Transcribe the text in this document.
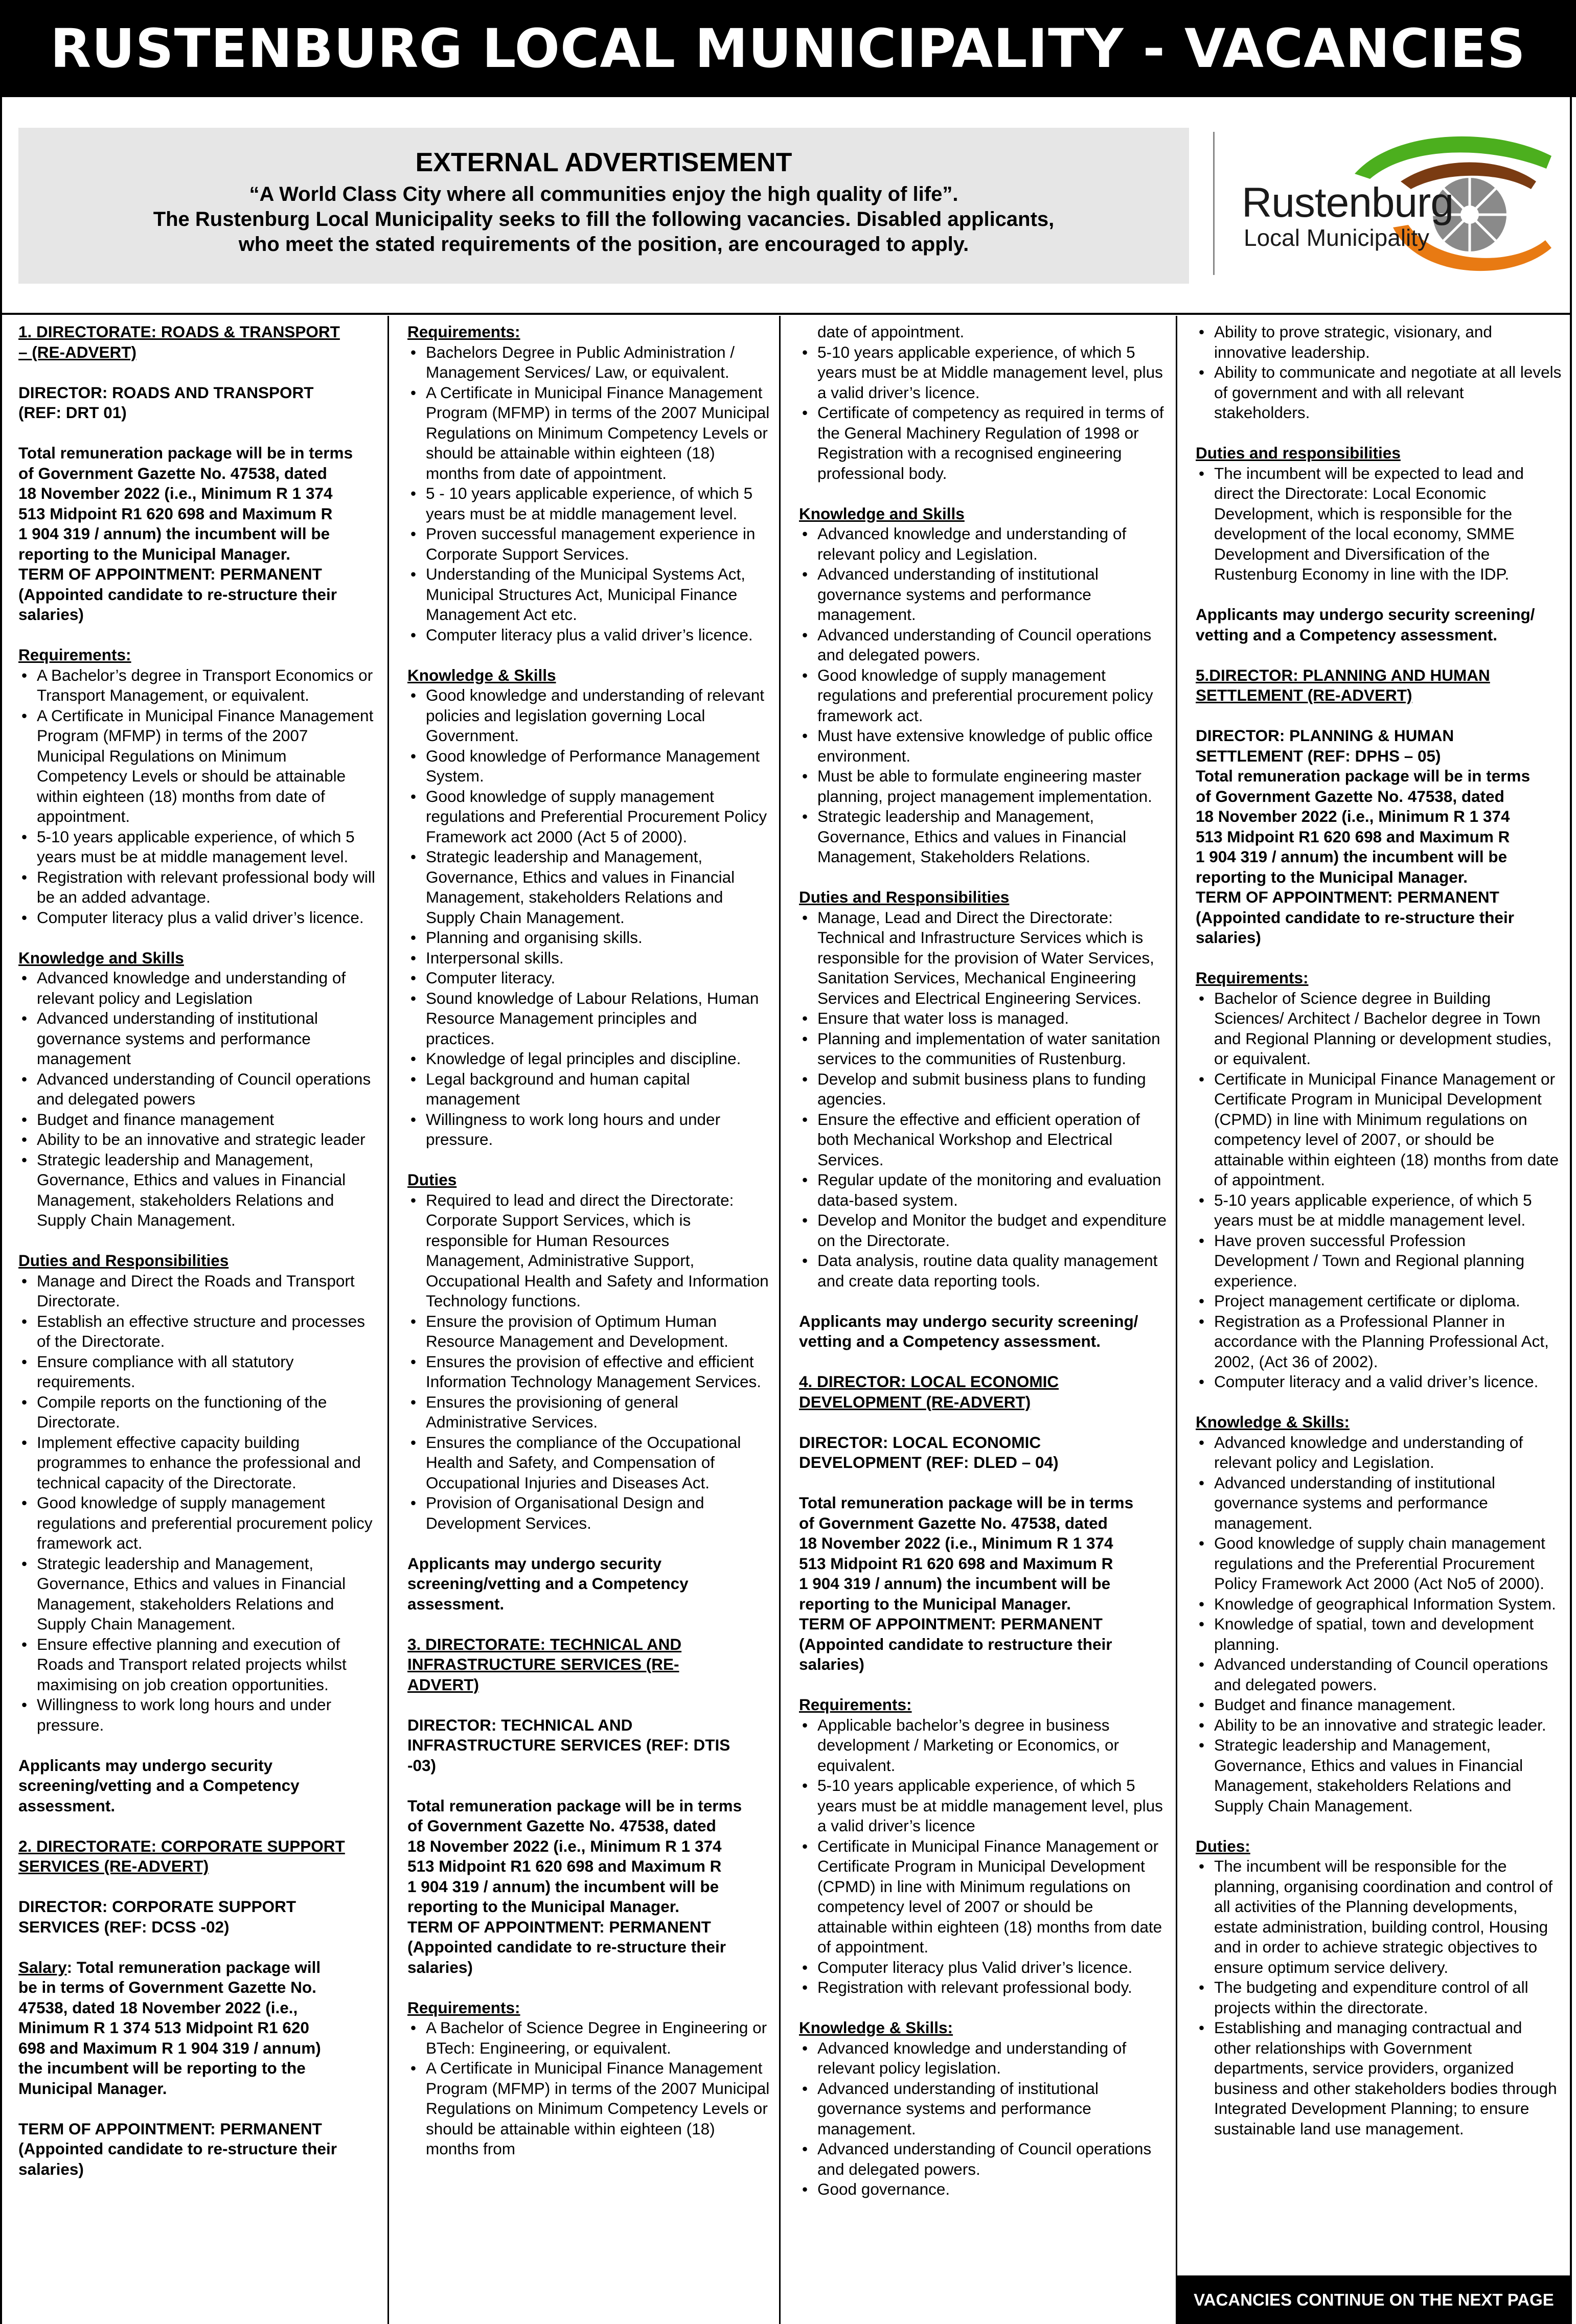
RUSTENBURG LOCAL MUNICIPALITY - VACANCIES
EXTERNAL ADVERTISEMENT
“A World Class City where all communities enjoy the high quality of life”.
The Rustenburg Local Municipality seeks to fill the following vacancies. Disabled applicants,
who meet the stated requirements of the position, are encouraged to apply.
Rustenburg
Local Municipality

1. DIRECTORATE: ROADS & TRANSPORT

– (RE-ADVERT)

DIRECTOR: ROADS AND TRANSPORT

(REF: DRT 01)

Total remuneration package will be in terms

of Government Gazette No. 47538, dated

18 November 2022 (i.e., Minimum R 1 374

513 Midpoint R1 620 698 and Maximum R

1 904 319 / annum) the incumbent will be

reporting to the Municipal Manager.

TERM OF APPOINTMENT: PERMANENT

(Appointed candidate to re-structure their

salaries)

Requirements:

• A Bachelor’s degree in Transport Economics or Transport Management, or equivalent.
• A Certificate in Municipal Finance Management Program (MFMP) in terms of the 2007 Municipal Regulations on Minimum Competency Levels or should be attainable within eighteen (18) months from date of appointment.
• 5-10 years applicable experience, of which 5 years must be at middle management level.
• Registration with relevant professional body will be an added advantage.
• Computer literacy plus a valid driver’s licence.

Knowledge and Skills

• Advanced knowledge and understanding of relevant policy and Legislation
• Advanced understanding of institutional governance systems and performance management
• Advanced understanding of Council operations and delegated powers
• Budget and finance management
• Ability to be an innovative and strategic leader
• Strategic leadership and Management, Governance, Ethics and values in Financial Management, stakeholders Relations and Supply Chain Management.

Duties and Responsibilities

• Manage and Direct the Roads and Transport Directorate.
• Establish an effective structure and processes of the Directorate.
• Ensure compliance with all statutory requirements.
• Compile reports on the functioning of the Directorate.
• Implement effective capacity building programmes to enhance the professional and technical capacity of the Directorate.
• Good knowledge of supply management regulations and preferential procurement policy framework act.
• Strategic leadership and Management, Governance, Ethics and values in Financial Management, stakeholders Relations and Supply Chain Management.
• Ensure effective planning and execution of Roads and Transport related projects whilst maximising on job creation opportunities.
• Willingness to work long hours and under pressure.

Applicants may undergo security

screening/vetting and a Competency

assessment.

2. DIRECTORATE: CORPORATE SUPPORT

SERVICES (RE-ADVERT)

DIRECTOR: CORPORATE SUPPORT

SERVICES (REF: DCSS -02)

Salary: Total remuneration package will

be in terms of Government Gazette No.

47538, dated 18 November 2022 (i.e.,

Minimum R 1 374 513 Midpoint R1 620

698 and Maximum R 1 904 319 / annum)

the incumbent will be reporting to the

Municipal Manager.

TERM OF APPOINTMENT: PERMANENT

(Appointed candidate to re-structure their

salaries)

Requirements:

• Bachelors Degree in Public Administration / Management Services/ Law, or equivalent.
• A Certificate in Municipal Finance Management Program (MFMP) in terms of the 2007 Municipal Regulations on Minimum Competency Levels or should be attainable within eighteen (18) months from date of appointment.
• 5 - 10 years applicable experience, of which 5 years must be at middle management level.
• Proven successful management experience in Corporate Support Services.
• Understanding of the Municipal Systems Act, Municipal Structures Act, Municipal Finance Management Act etc.
• Computer literacy plus a valid driver’s licence.

Knowledge & Skills

• Good knowledge and understanding of relevant policies and legislation governing Local Government.
• Good knowledge of Performance Management System.
• Good knowledge of supply management regulations and Preferential Procurement Policy Framework act 2000 (Act 5 of 2000).
• Strategic leadership and Management, Governance, Ethics and values in Financial Management, stakeholders Relations and Supply Chain Management.
• Planning and organising skills.
• Interpersonal skills.
• Computer literacy.
• Sound knowledge of Labour Relations, Human Resource Management principles and practices.
• Knowledge of legal principles and discipline.
• Legal background and human capital management
• Willingness to work long hours and under pressure.

Duties

• Required to lead and direct the Directorate: Corporate Support Services, which is responsible for Human Resources Management, Administrative Support, Occupational Health and Safety and Information Technology functions.
• Ensure the provision of Optimum Human Resource Management and Development.
• Ensures the provision of effective and efficient Information Technology Management Services.
• Ensures the provisioning of general Administrative Services.
• Ensures the compliance of the Occupational Health and Safety, and Compensation of Occupational Injuries and Diseases Act.
• Provision of Organisational Design and Development Services.

Applicants may undergo security

screening/vetting and a Competency

assessment.

3. DIRECTORATE: TECHNICAL AND

INFRASTRUCTURE SERVICES (RE-

ADVERT)

DIRECTOR: TECHNICAL AND

INFRASTRUCTURE SERVICES (REF: DTIS

-03)

Total remuneration package will be in terms

of Government Gazette No. 47538, dated

18 November 2022 (i.e., Minimum R 1 374

513 Midpoint R1 620 698 and Maximum R

1 904 319 / annum) the incumbent will be

reporting to the Municipal Manager.

TERM OF APPOINTMENT: PERMANENT

(Appointed candidate to re-structure their

salaries)

Requirements:

• A Bachelor of Science Degree in Engineering or BTech: Engineering, or equivalent.
• A Certificate in Municipal Finance Management Program (MFMP) in terms of the 2007 Municipal Regulations on Minimum Competency Levels or should be attainable within eighteen (18) months from

date of appointment.

• 5-10 years applicable experience, of which 5 years must be at Middle management level, plus a valid driver’s licence.
• Certificate of competency as required in terms of the General Machinery Regulation of 1998 or Registration with a recognised engineering professional body.

Knowledge and Skills

• Advanced knowledge and understanding of relevant policy and Legislation.
• Advanced understanding of institutional governance systems and performance management.
• Advanced understanding of Council operations and delegated powers.
• Good knowledge of supply management regulations and preferential procurement policy framework act.
• Must have extensive knowledge of public office environment.
• Must be able to formulate engineering master planning, project management implementation.
• Strategic leadership and Management, Governance, Ethics and values in Financial Management, Stakeholders Relations.

Duties and Responsibilities

• Manage, Lead and Direct the Directorate: Technical and Infrastructure Services which is responsible for the provision of Water Services, Sanitation Services, Mechanical Engineering Services and Electrical Engineering Services.
• Ensure that water loss is managed.
• Planning and implementation of water sanitation services to the communities of Rustenburg.
• Develop and submit business plans to funding agencies.
• Ensure the effective and efficient operation of both Mechanical Workshop and Electrical Services.
• Regular update of the monitoring and evaluation data-based system.
• Develop and Monitor the budget and expenditure on the Directorate.
• Data analysis, routine data quality management and create data reporting tools.

Applicants may undergo security screening/

vetting and a Competency assessment.

4. DIRECTOR: LOCAL ECONOMIC

DEVELOPMENT (RE-ADVERT)

DIRECTOR: LOCAL ECONOMIC

DEVELOPMENT (REF: DLED – 04)

Total remuneration package will be in terms

of Government Gazette No. 47538, dated

18 November 2022 (i.e., Minimum R 1 374

513 Midpoint R1 620 698 and Maximum R

1 904 319 / annum) the incumbent will be

reporting to the Municipal Manager.

TERM OF APPOINTMENT: PERMANENT

(Appointed candidate to restructure their

salaries)

Requirements:

• Applicable bachelor’s degree in business development / Marketing or Economics, or equivalent.
• 5-10 years applicable experience, of which 5 years must be at middle management level, plus a valid driver’s licence
• Certificate in Municipal Finance Management or Certificate Program in Municipal Development (CPMD) in line with Minimum regulations on competency level of 2007 or should be attainable within eighteen (18) months from date of appointment.
• Computer literacy plus Valid driver’s licence.
• Registration with relevant professional body.

Knowledge & Skills:

• Advanced knowledge and understanding of relevant policy legislation.
• Advanced understanding of institutional governance systems and performance management.
• Advanced understanding of Council operations and delegated powers.
• Good governance.
• Ability to prove strategic, visionary, and innovative leadership.
• Ability to communicate and negotiate at all levels of government and with all relevant stakeholders.

Duties and responsibilities

• The incumbent will be expected to lead and direct the Directorate: Local Economic Development, which is responsible for the development of the local economy, SMME Development and Diversification of the Rustenburg Economy in line with the IDP.

Applicants may undergo security screening/

vetting and a Competency assessment.

5.DIRECTOR: PLANNING AND HUMAN

SETTLEMENT (RE-ADVERT)

DIRECTOR: PLANNING & HUMAN

SETTLEMENT (REF: DPHS – 05)

Total remuneration package will be in terms

of Government Gazette No. 47538, dated

18 November 2022 (i.e., Minimum R 1 374

513 Midpoint R1 620 698 and Maximum R

1 904 319 / annum) the incumbent will be

reporting to the Municipal Manager.

TERM OF APPOINTMENT: PERMANENT

(Appointed candidate to re-structure their

salaries)

Requirements:

• Bachelor of Science degree in Building Sciences/ Architect / Bachelor degree in Town and Regional Planning or development studies, or equivalent.
• Certificate in Municipal Finance Management or Certificate Program in Municipal Development (CPMD) in line with Minimum regulations on competency level of 2007, or should be attainable within eighteen (18) months from date of appointment.
• 5-10 years applicable experience, of which 5 years must be at middle management level.
• Have proven successful Profession Development / Town and Regional planning experience.
• Project management certificate or diploma.
• Registration as a Professional Planner in accordance with the Planning Professional Act, 2002, (Act 36 of 2002).
• Computer literacy and a valid driver’s licence.

Knowledge & Skills:

• Advanced knowledge and understanding of relevant policy and Legislation.
• Advanced understanding of institutional governance systems and performance management.
• Good knowledge of supply chain management regulations and the Preferential Procurement Policy Framework Act 2000 (Act No5 of 2000).
• Knowledge of geographical Information System.
• Knowledge of spatial, town and development planning.
• Advanced understanding of Council operations and delegated powers.
• Budget and finance management.
• Ability to be an innovative and strategic leader.
• Strategic leadership and Management, Governance, Ethics and values in Financial Management, stakeholders Relations and Supply Chain Management.

Duties:

• The incumbent will be responsible for the planning, organising coordination and control of all activities of the Planning developments, estate administration, building control, Housing and in order to achieve strategic objectives to ensure optimum service delivery.
• The budgeting and expenditure control of all projects within the directorate.
• Establishing and managing contractual and other relationships with Government departments, service providers, organized business and other stakeholders bodies through Integrated Development Planning; to ensure sustainable land use management.
VACANCIES CONTINUE ON THE NEXT PAGE
